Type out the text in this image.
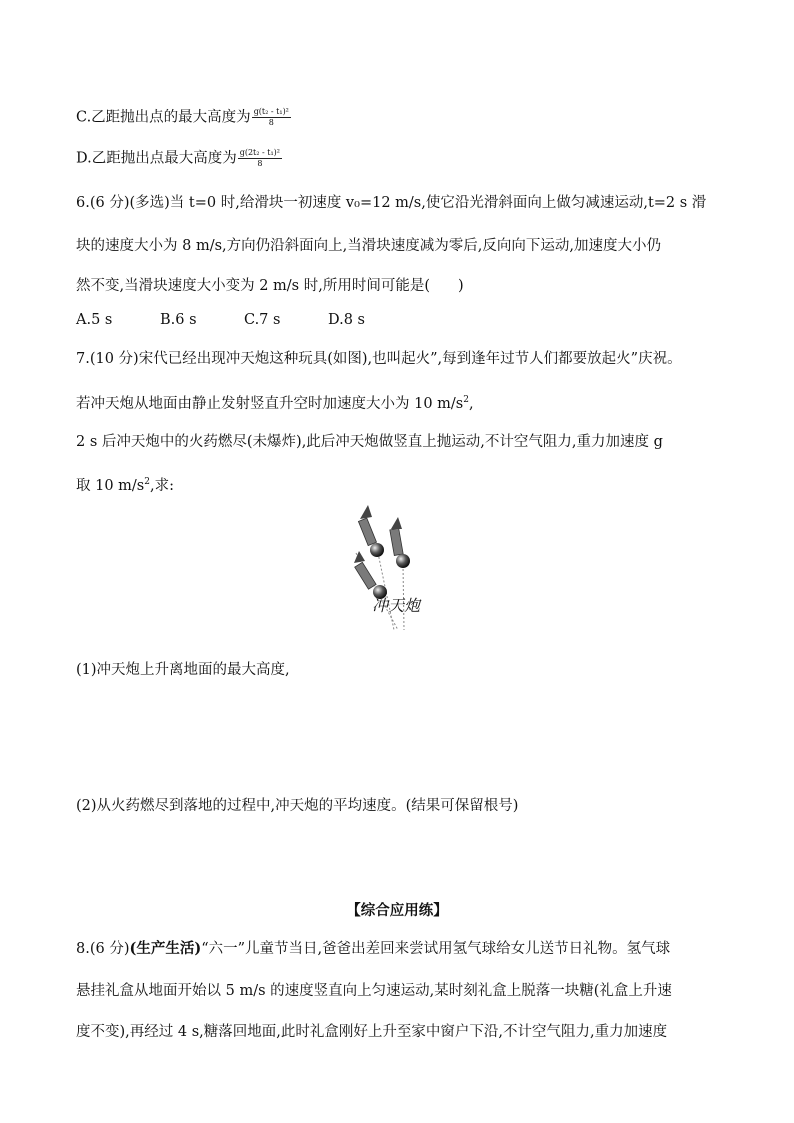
C.乙距抛出点的最大高度为 $\frac{\text{g(t₂ - t₁)²}}{8}$
D.乙距抛出点最大高度为 $\frac{\text{g(2t₂ - t₁)²}}{8}$
6.(6 分)(多选)当 t=0 时,给滑块一初速度 v₀=12 m/s,使它沿光滑斜面向上做匀减速运动,t=2 s 滑
块的速度大小为 8 m/s,方向仍沿斜面向上,当滑块速度减为零后,反向向下运动,加速度大小仍
然不变,当滑块速度大小变为 2 m/s 时,所用时间可能是( )
A.5 s	B.6 s	C.7 s	D.8 s
7.(10 分)宋代已经出现冲天炮这种玩具(如图),也叫起火”,每到逢年过节人们都要放起火”庆祝。
若冲天炮从地面由静止发射竖直升空时加速度大小为 10 $m/s^2$,
2 s 后冲天炮中的火药燃尽(未爆炸),此后冲天炮做竖直上抛运动,不计空气阻力,重力加速度 g
取 10 $m/s^2$,求:
冲天炮
(1)冲天炮上升离地面的最大高度,
(2)从火药燃尽到落地的过程中,冲天炮的平均速度。(结果可保留根号)
【综合应用练】
8.(6 分)(生产生活)“六一”儿童节当日,爸爸出差回来尝试用氢气球给女儿送节日礼物。氢气球
悬挂礼盒从地面开始以 5 m/s 的速度竖直向上匀速运动,某时刻礼盒上脱落一块糖(礼盒上升速
度不变),再经过 4 s,糖落回地面,此时礼盒刚好上升至家中窗户下沿,不计空气阻力,重力加速度
